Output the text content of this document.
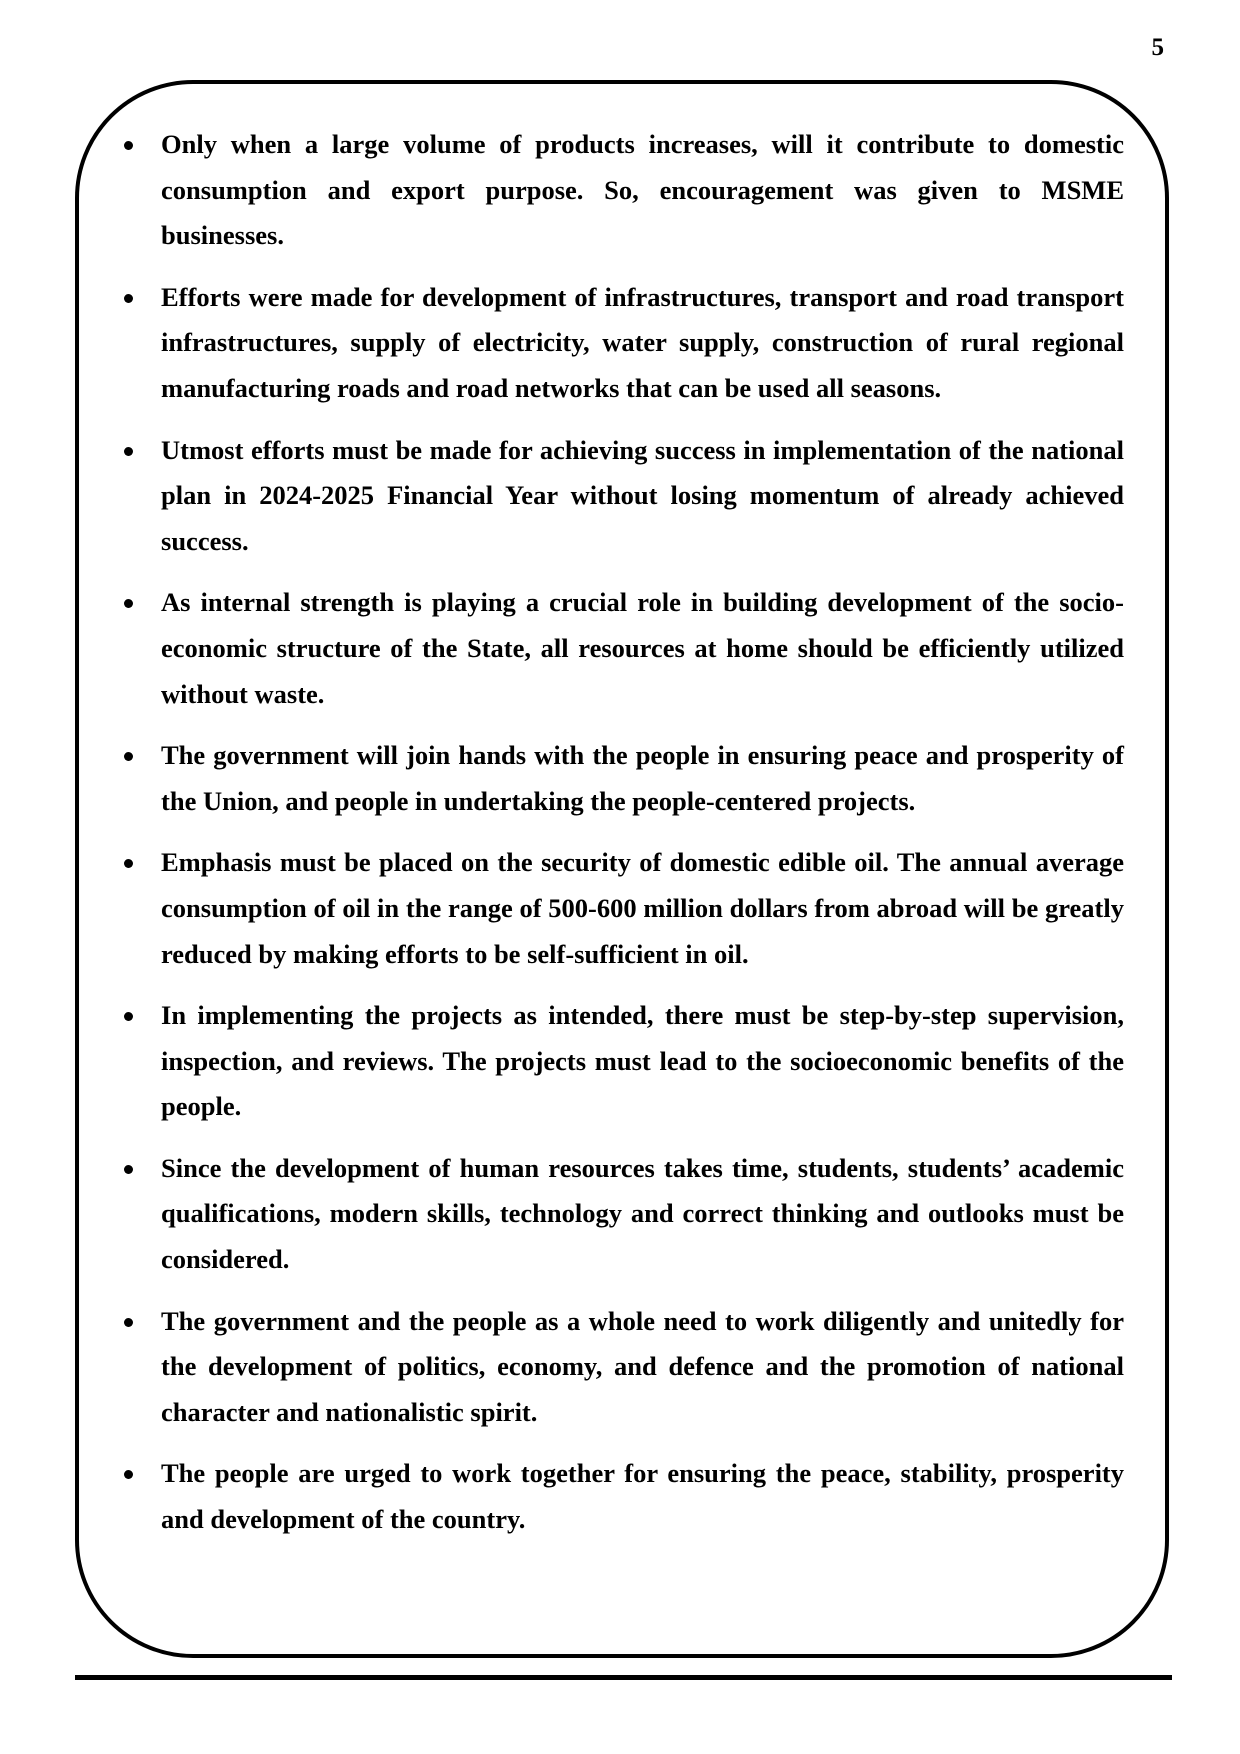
5
Only when a large volume of products increases, will it contribute to domestic consumption and export purpose. So, encouragement was given to MSME businesses.
Efforts were made for development of infrastructures, transport and road transport infrastructures, supply of electricity, water supply, construction of rural regional manufacturing roads and road networks that can be used all seasons.
Utmost efforts must be made for achieving success in implementation of the national plan in 2024-2025 Financial Year without losing momentum of already achieved success.
As internal strength is playing a crucial role in building development of the socio-economic structure of the State, all resources at home should be efficiently utilized without waste.
The government will join hands with the people in ensuring peace and prosperity of the Union, and people in undertaking the people-centered projects.
Emphasis must be placed on the security of domestic edible oil. The annual average consumption of oil in the range of 500-600 million dollars from abroad will be greatly reduced by making efforts to be self-sufficient in oil.
In implementing the projects as intended, there must be step-by-step supervision, inspection, and reviews. The projects must lead to the socioeconomic benefits of the people.
Since the development of human resources takes time, students, students’ academic qualifications, modern skills, technology and correct thinking and outlooks must be considered.
The government and the people as a whole need to work diligently and unitedly for the development of politics, economy, and defence and the promotion of national character and nationalistic spirit.
The people are urged to work together for ensuring the peace, stability, prosperity and development of the country.
